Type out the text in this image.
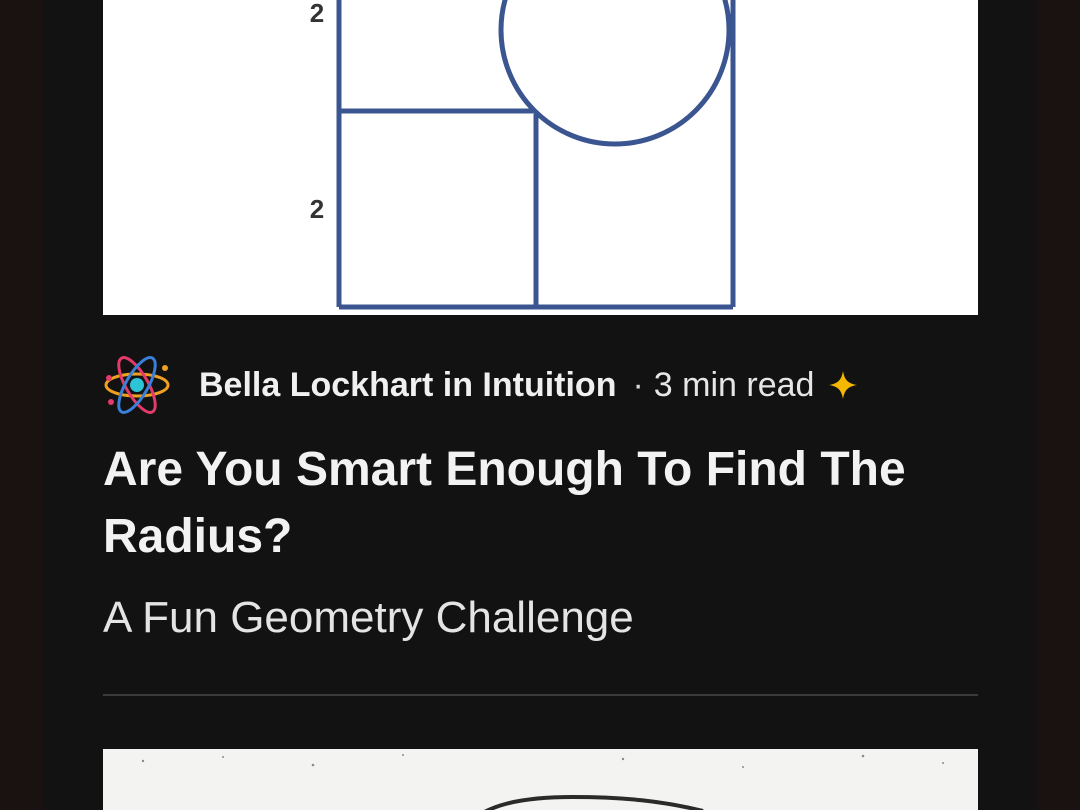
2
2
Bella Lockhart in Intuition · 3 min read
Are You Smart Enough To Find The Radius?

A Fun Geometry Challenge
